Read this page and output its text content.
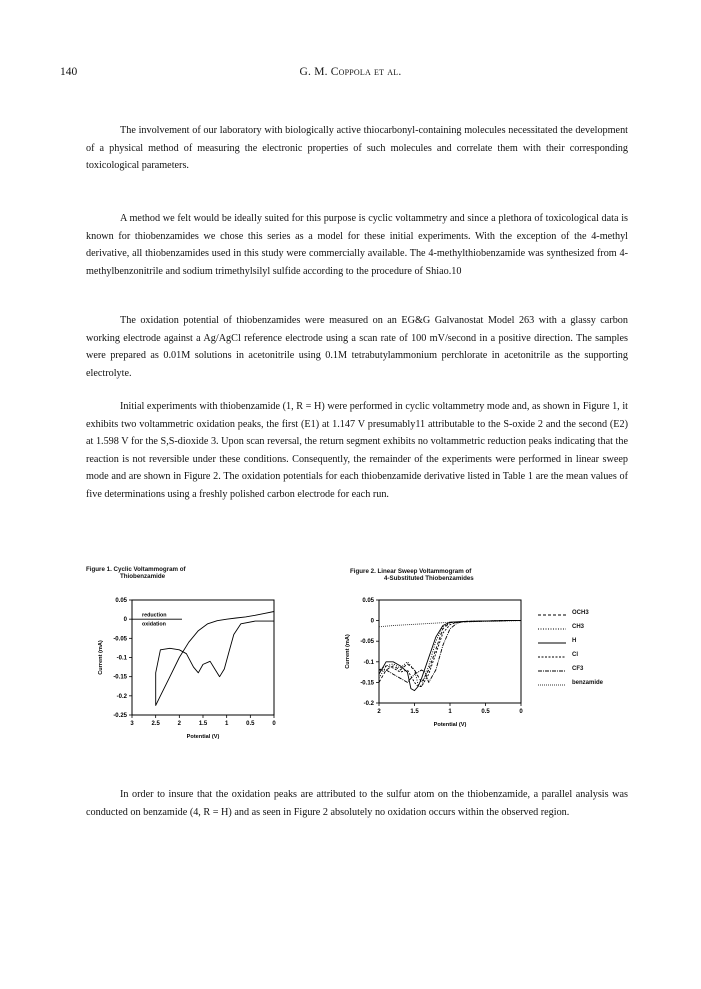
140	G. M. Coppola et al.

The involvement of our laboratory with biologically active thiocarbonyl-containing molecules necessitated the development of a physical method of measuring the electronic properties of such molecules and correlate them with their corresponding toxicological parameters.

A method we felt would be ideally suited for this purpose is cyclic voltammetry and since a plethora of toxicological data is known for thiobenzamides we chose this series as a model for these initial experiments. With the exception of the 4-methyl derivative, all thiobenzamides used in this study were commercially available. The 4-methylthiobenzamide was synthesized from 4-methylbenzonitrile and sodium trimethylsilyl sulfide according to the procedure of Shiao.10

The oxidation potential of thiobenzamides were measured on an EG&G Galvanostat Model 263 with a glassy carbon working electrode against a Ag/AgCl reference electrode using a scan rate of 100 mV/second in a positive direction. The samples were prepared as 0.01M solutions in acetonitrile using 0.1M tetrabutylammonium perchlorate in acetonitrile as the supporting electrolyte.

Initial experiments with thiobenzamide (1, R = H) were performed in cyclic voltammetry mode and, as shown in Figure 1, it exhibits two voltammetric oxidation peaks, the first (E1) at 1.147 V presumably11 attributable to the S-oxide 2 and the second (E2) at 1.598 V for the S,S-dioxide 3. Upon scan reversal, the return segment exhibits no voltammetric reduction peaks indicating that the reaction is not reversible under these conditions. Consequently, the remainder of the experiments were performed in linear sweep mode and are shown in Figure 2. The oxidation potentials for each thiobenzamide derivative listed in Table 1 are the mean values of five determinations using a freshly polished carbon electrode for each run.

Figure 1. Cyclic Voltammogram of
Thiobenzamide
3	2.5	2	1.5	1	0.5	0
0.05
0
-0.05
-0.1
-0.15
-0.2
-0.25
Potential (V)
Current (mA)
reduction
oxidation
Figure 2. Linear Sweep Voltammogram of
4-Substituted Thiobenzamides
2	1.5	1	0.5	0
0.05
0
-0.05
-0.1
-0.15
-0.2
Potential (V)
Current (mA)
OCH3
CH3
H
Cl
CF3
benzamide

In order to insure that the oxidation peaks are attributed to the sulfur atom on the thiobenzamide, a parallel analysis was conducted on benzamide (4, R = H) and as seen in Figure 2 absolutely no oxidation occurs within the observed region.
